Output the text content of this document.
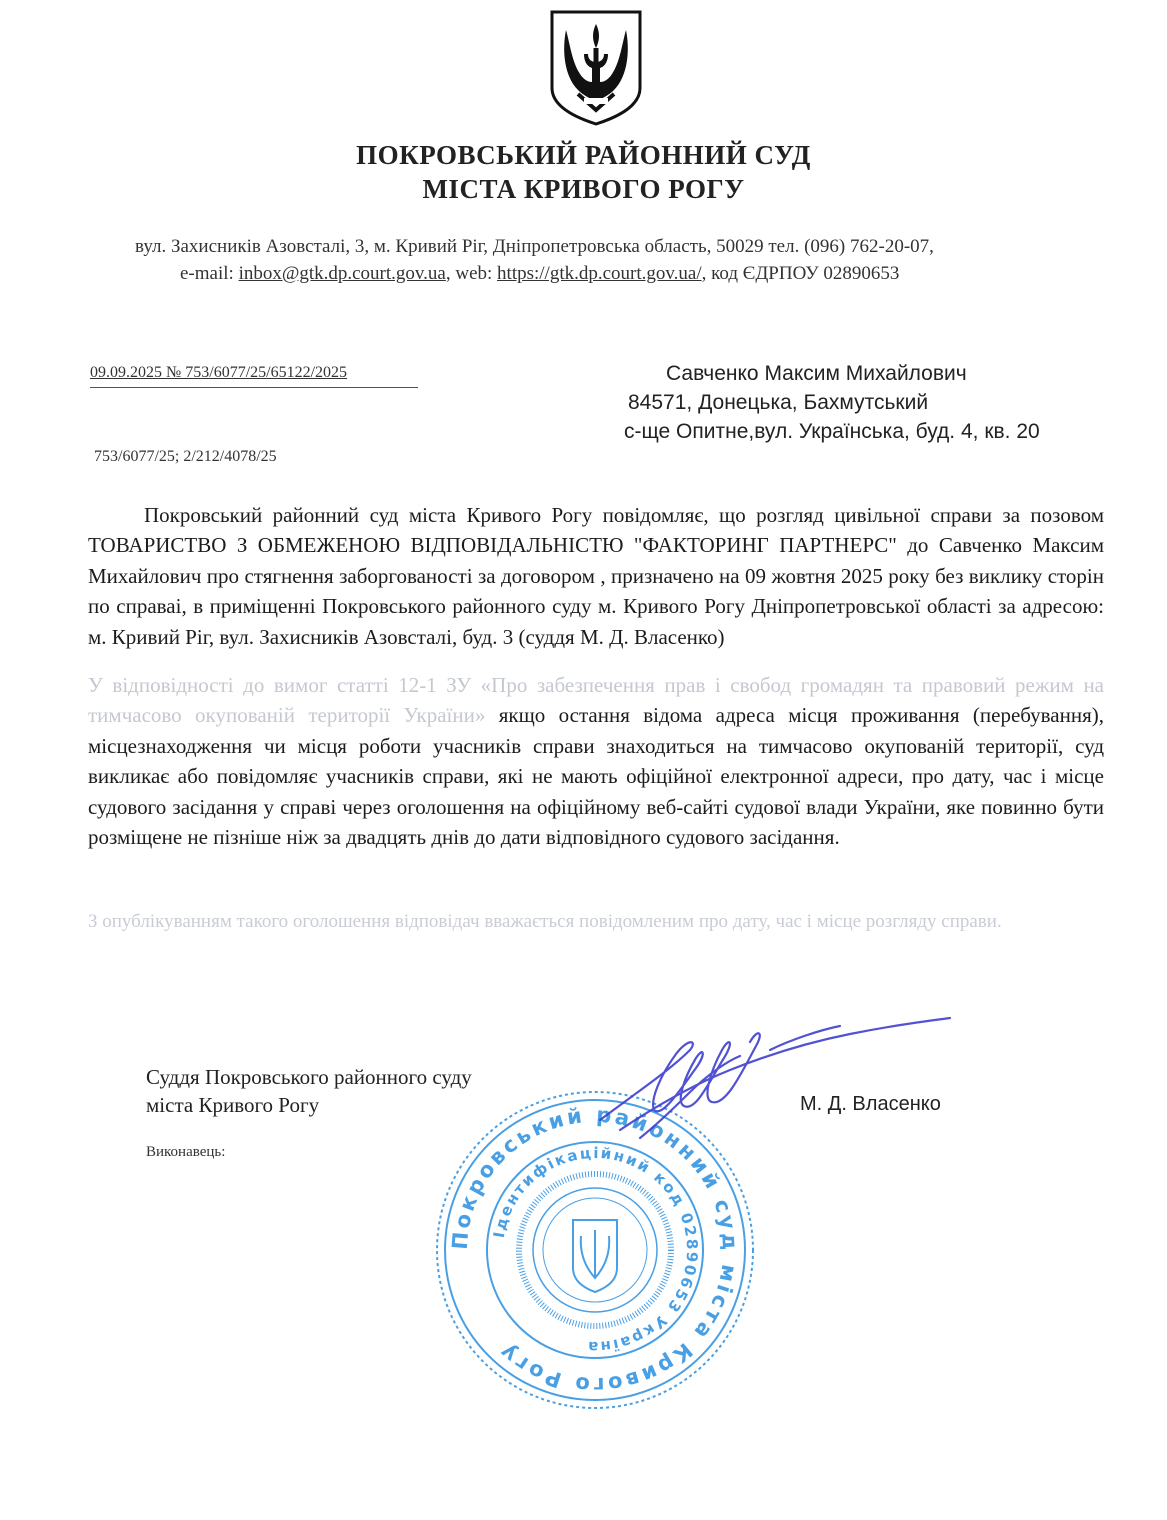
ПОКРОВСЬКИЙ РАЙОННИЙ СУД
МІСТА КРИВОГО РОГУ
вул. Захисників Азовсталі, 3, м. Кривий Ріг, Дніпропетровська область, 50029 тел. (096) 762-20-07,
e-mail: inbox@gtk.dp.court.gov.ua, web: https://gtk.dp.court.gov.ua/, код ЄДРПОУ 02890653
09.09.2025 № 753/6077/25/65122/2025
753/6077/25; 2/212/4078/25
Савченко Максим Михайлович
84571, Донецька, Бахмутський
с-ще Опитне,вул. Українська, буд. 4, кв. 20
Покровський районний суд міста Кривого Рогу повідомляє, що розгляд цивільної справи за позовом ТОВАРИСТВО З ОБМЕЖЕНОЮ ВІДПОВІДАЛЬНІСТЮ "ФАКТОРИНГ ПАРТНЕРС" до Савченко Максим Михайлович про стягнення заборгованості за договором , призначено на 09 жовтня 2025 року без виклику сторін по справаі, в приміщенні Покровського районного суду м. Кривого Рогу Дніпропетровської області за адресою: м. Кривий Ріг, вул. Захисників Азовсталі, буд. 3 (суддя М. Д. Власенко)
У відповідності до вимог статті 12-1 ЗУ «Про забезпечення прав і свобод громадян та правовий режим на тимчасово окупованій території України» якщо остання відома адреса місця проживання (перебування), місцезнаходження чи місця роботи учасників справи знаходиться на тимчасово окупованій території, суд викликає або повідомляє учасників справи, які не мають офіційної електронної адреси, про дату, час і місце судового засідання у справі через оголошення на офіційному веб-сайті судової влади України, яке повинно бути розміщене не пізніше ніж за двадцять днів до дати відповідного судового засідання.
З опублікуванням такого оголошення відповідач вважається повідомленим про дату, час і місце розгляду справи.
Суддя Покровського районного суду
міста Кривого Рогу	М. Д. Власенко
Виконавець:
Покровський районний суд міста Кривого Рогу
Ідентифікаційний код 02890653 Україна
